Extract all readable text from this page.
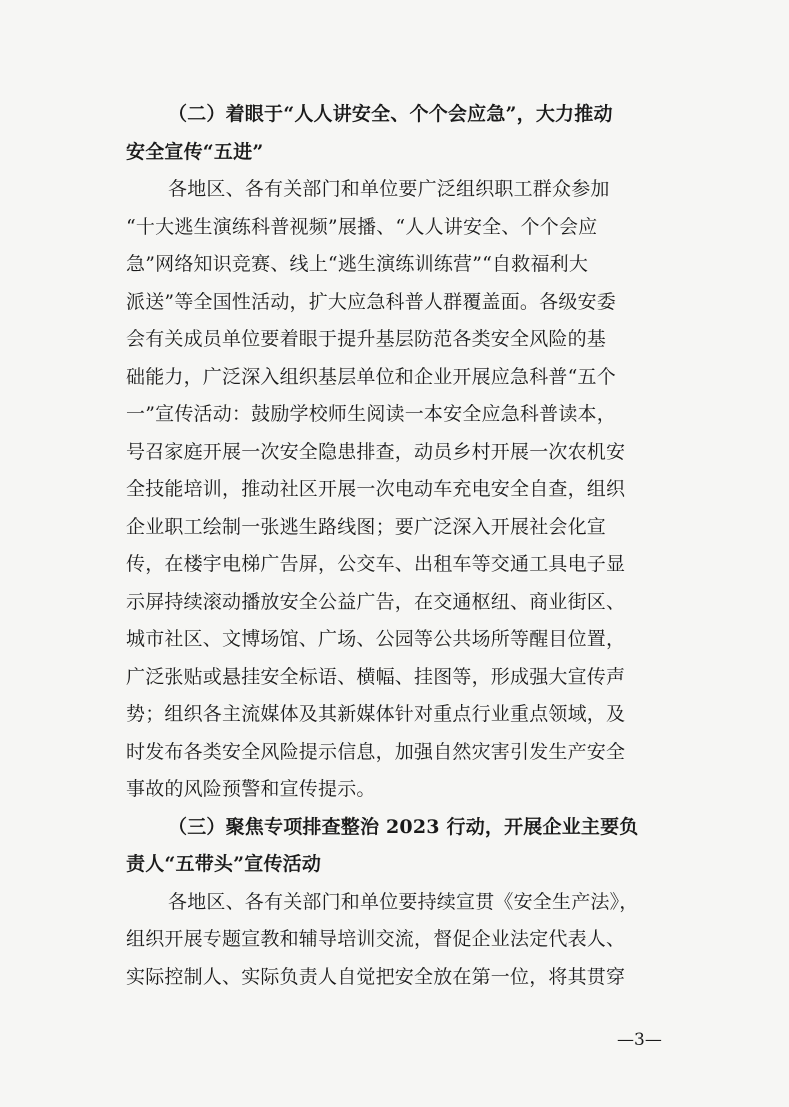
（二）着眼于“人人讲安全、个个会应急”，大力推动
安全宣传“五进”
各地区、各有关部门和单位要广泛组织职工群众参加
“十大逃生演练科普视频”展播、“人人讲安全、个个会应
急”网络知识竞赛、线上“逃生演练训练营”“自救福利大
派送”等全国性活动，扩大应急科普人群覆盖面。各级安委
会有关成员单位要着眼于提升基层防范各类安全风险的基
础能力，广泛深入组织基层单位和企业开展应急科普“五个
一”宣传活动：鼓励学校师生阅读一本安全应急科普读本，
号召家庭开展一次安全隐患排查，动员乡村开展一次农机安
全技能培训，推动社区开展一次电动车充电安全自查，组织
企业职工绘制一张逃生路线图；要广泛深入开展社会化宣
传，在楼宇电梯广告屏，公交车、出租车等交通工具电子显
示屏持续滚动播放安全公益广告，在交通枢纽、商业街区、
城市社区、文博场馆、广场、公园等公共场所等醒目位置，
广泛张贴或悬挂安全标语、横幅、挂图等，形成强大宣传声
势；组织各主流媒体及其新媒体针对重点行业重点领域，及
时发布各类安全风险提示信息，加强自然灾害引发生产安全
事故的风险预警和宣传提示。
（三）聚焦专项排查整治 2023 行动，开展企业主要负
责人“五带头”宣传活动
各地区、各有关部门和单位要持续宣贯《安全生产法》，
组织开展专题宣教和辅导培训交流，督促企业法定代表人、
实际控制人、实际负责人自觉把安全放在第一位，将其贯穿
—3—
